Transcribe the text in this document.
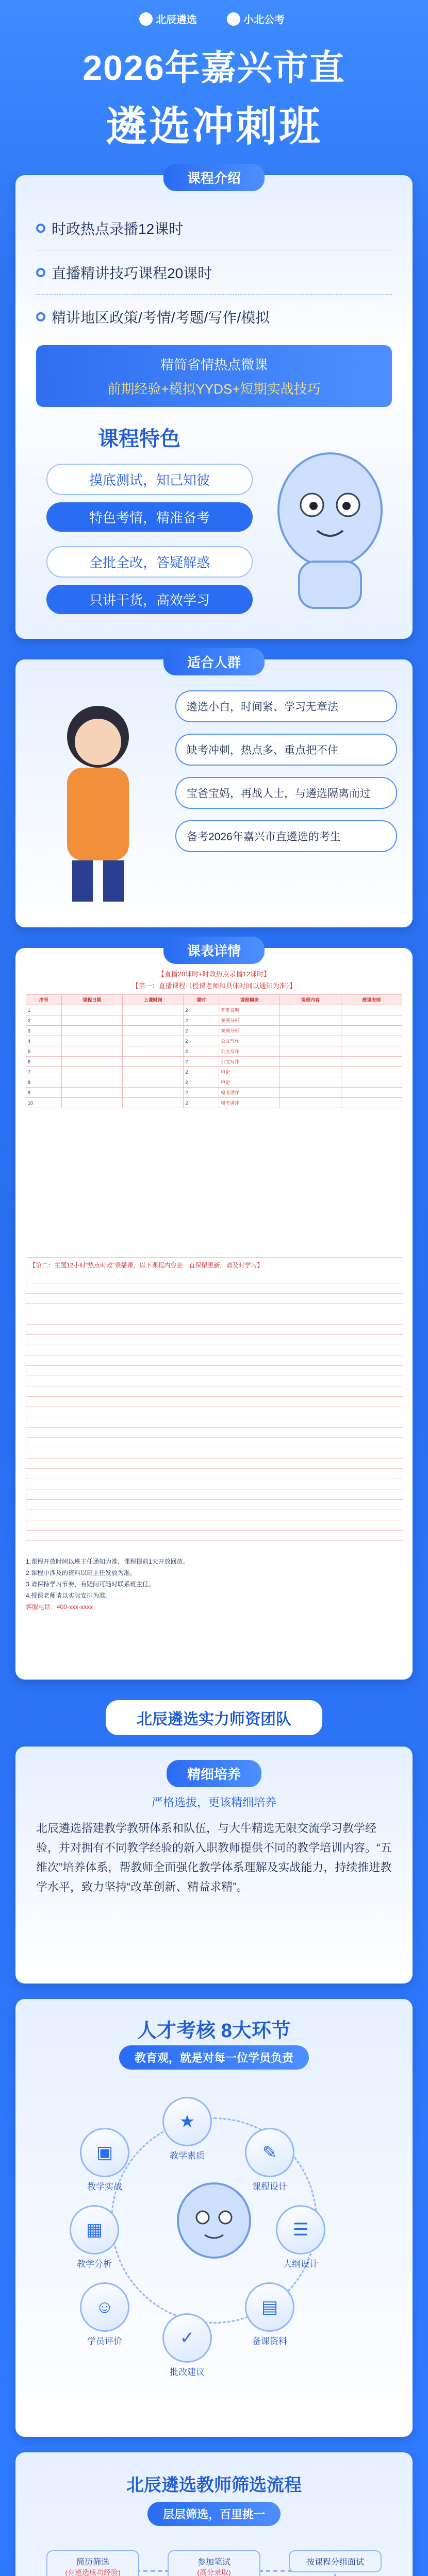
北辰遴选	小北公考
2026年嘉兴市直
遴选冲刺班
课程介绍
时政热点录播12课时
直播精讲技巧课程20课时
精讲地区政策/考情/考题/写作/模拟
精简省情热点微课
前期经验+模拟YYDS+短期实战技巧
课程特色
摸底测试，知己知彼
特色考情，精准备考
全批全改，答疑解惑
只讲干货，高效学习
适合人群
遴选小白，时间紧、学习无章法
缺考冲刺，热点多、重点把不住
宝爸宝妈，再战人士，与遴选隔离而过
备考2026年嘉兴市直遴选的考生
课表详情
【直播20课时+时政热点录播12课时】
【第一：直播课程（授课老师和具体时间以通知为准）】
序号	课程日期	上课时间	课时	课程模块	课程内容	授课老师
1			2	开班说明		
2			2	案例分析		
3			2	案例分析		
4			2	公文写作		
5			2	公文写作		
6			2	公文写作		
7			2	申论		
8			2	申论		
9			2	模考讲评		
10			2	模考讲评		
【第二：主题12小时“热点时政”录播课，以下课程内容会一直保留更新，请及时学习】
1.课程开放时间以班主任通知为准，课程提前1天开放回放。
2.课程中涉及的资料以班主任发放为准。
3.请保持学习节奏，有疑问可随时联系班主任。
4.授课老师请以实际安排为准。
客服电话：400-xxx-xxxx
北辰遴选实力师资团队
精细培养
严格选拔，更该精细培养
北辰遴选搭建教学教研体系和队伍，与大牛精选无限交流学习教学经验，并对拥有不同教学经验的新入职教师提供不同的教学培训内容。“五维次”培养体系，帮教师全面强化教学体系理解及实战能力，持续推进教学水平，致力坚持“改革创新、精益求精”。
人才考核 8大环节
教育观，就是对每一位学员负责
★
教学素质	✎
课程设计
☰
大纲设计
▤
备课资料
✓
批改建议
☺
学员评价
▦
教学分析
▣
教学实战
北辰遴选教师筛选流程
层层筛选，百里挑一
简历筛选
(有遴选成功经验)
参加笔试
(高分录取)
按课程分组面试
